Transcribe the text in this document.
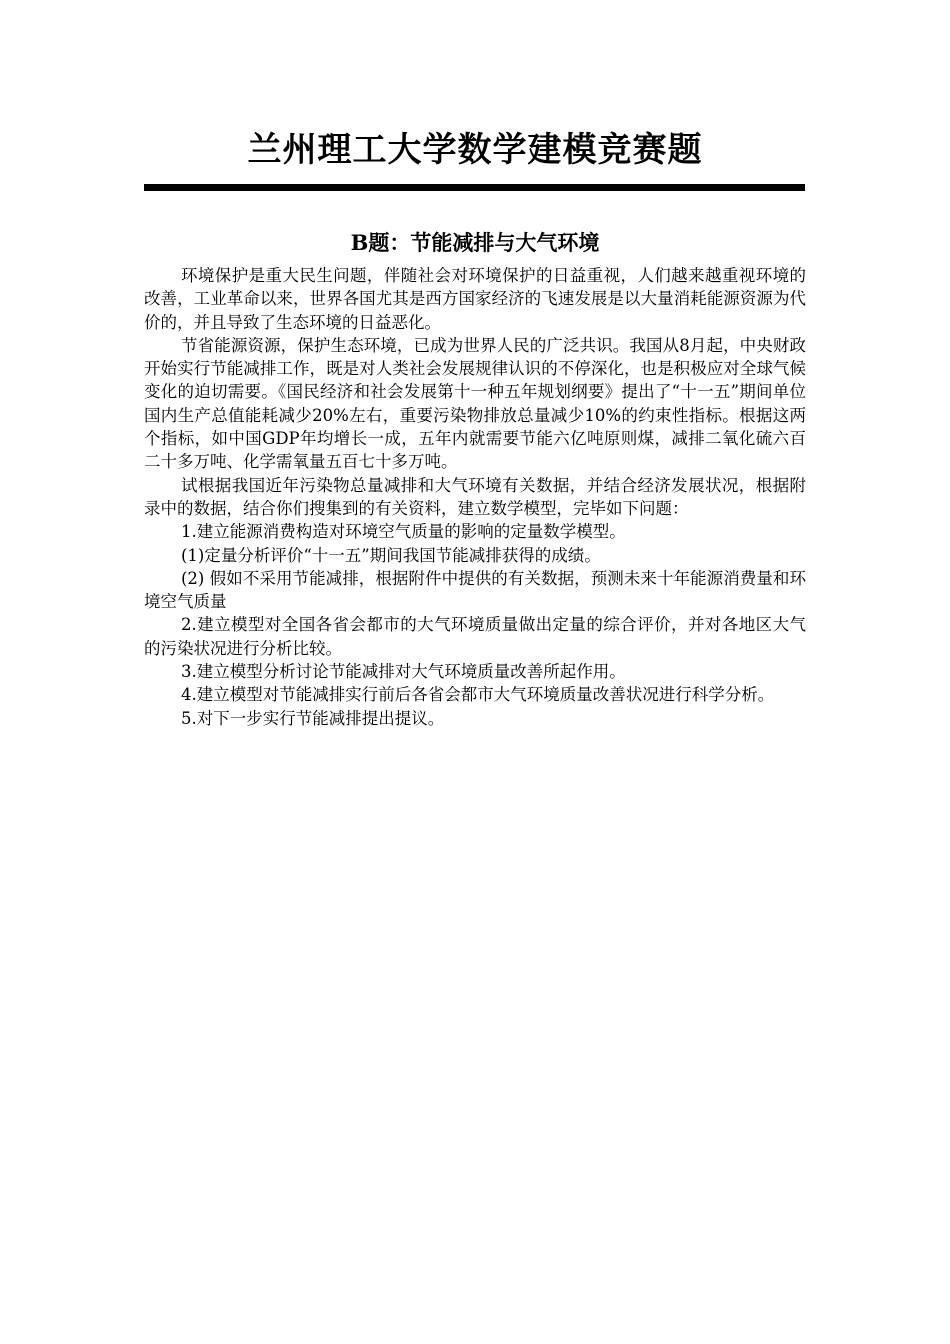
兰州理工大学数学建模竞赛题
B题：节能减排与大气环境

环境保护是重大民生问题，伴随社会对环境保护的日益重视，人们越来越重视环境的改善，工业革命以来，世界各国尤其是西方国家经济的飞速发展是以大量消耗能源资源为代价的，并且导致了生态环境的日益恶化。

节省能源资源，保护生态环境，已成为世界人民的广泛共识。我国从8月起，中央财政开始实行节能减排工作，既是对人类社会发展规律认识的不停深化，也是积极应对全球气候变化的迫切需要。《国民经济和社会发展第十一种五年规划纲要》提出了“十一五”期间单位国内生产总值能耗减少20%左右，重要污染物排放总量减少10%的约束性指标。根据这两个指标，如中国GDP年均增长一成，五年内就需要节能六亿吨原则煤，减排二氧化硫六百二十多万吨、化学需氧量五百七十多万吨。

试根据我国近年污染物总量减排和大气环境有关数据，并结合经济发展状况，根据附录中的数据，结合你们搜集到的有关资料，建立数学模型，完毕如下问题：

1.建立能源消费构造对环境空气质量的影响的定量数学模型。

(1)定量分析评价“十一五”期间我国节能减排获得的成绩。

(2) 假如不采用节能减排，根据附件中提供的有关数据，预测未来十年能源消费量和环境空气质量

2.建立模型对全国各省会都市的大气环境质量做出定量的综合评价，并对各地区大气的污染状况进行分析比较。

3.建立模型分析讨论节能减排对大气环境质量改善所起作用。

4.建立模型对节能减排实行前后各省会都市大气环境质量改善状况进行科学分析。

5.对下一步实行节能减排提出提议。
